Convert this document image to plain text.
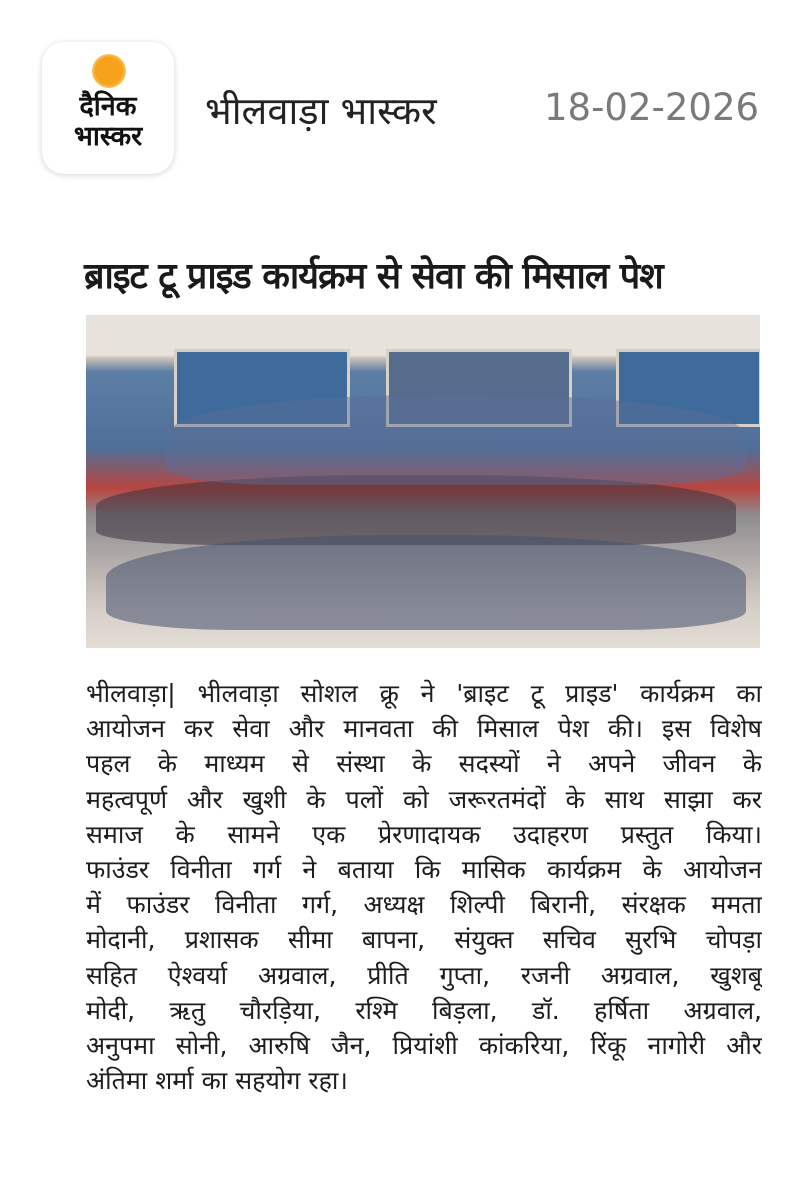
दैनिक
भास्कर
भीलवाड़ा भास्कर	18-02-2026
ब्राइट टू प्राइड कार्यक्रम से सेवा की मिसाल पेश
भीलवाड़ा| भीलवाड़ा सोशल क्रू ने 'ब्राइट टू प्राइड' कार्यक्रम का
आयोजन कर सेवा और मानवता की मिसाल पेश की। इस विशेष
पहल के माध्यम से संस्था के सदस्यों ने अपने जीवन के
महत्वपूर्ण और खुशी के पलों को जरूरतमंदों के साथ साझा कर
समाज के सामने एक प्रेरणादायक उदाहरण प्रस्तुत किया।
फाउंडर विनीता गर्ग ने बताया कि मासिक कार्यक्रम के आयोजन
में फाउंडर विनीता गर्ग, अध्यक्ष शिल्पी बिरानी, संरक्षक ममता
मोदानी, प्रशासक सीमा बापना, संयुक्त सचिव सुरभि चोपड़ा
सहित ऐश्वर्या अग्रवाल, प्रीति गुप्ता, रजनी अग्रवाल, खुशबू
मोदी, ऋतु चौरड़िया, रश्मि बिड़ला, डॉ. हर्षिता अग्रवाल,
अनुपमा सोनी, आरुषि जैन, प्रियांशी कांकरिया, रिंकू नागोरी और
अंतिमा शर्मा का सहयोग रहा।
